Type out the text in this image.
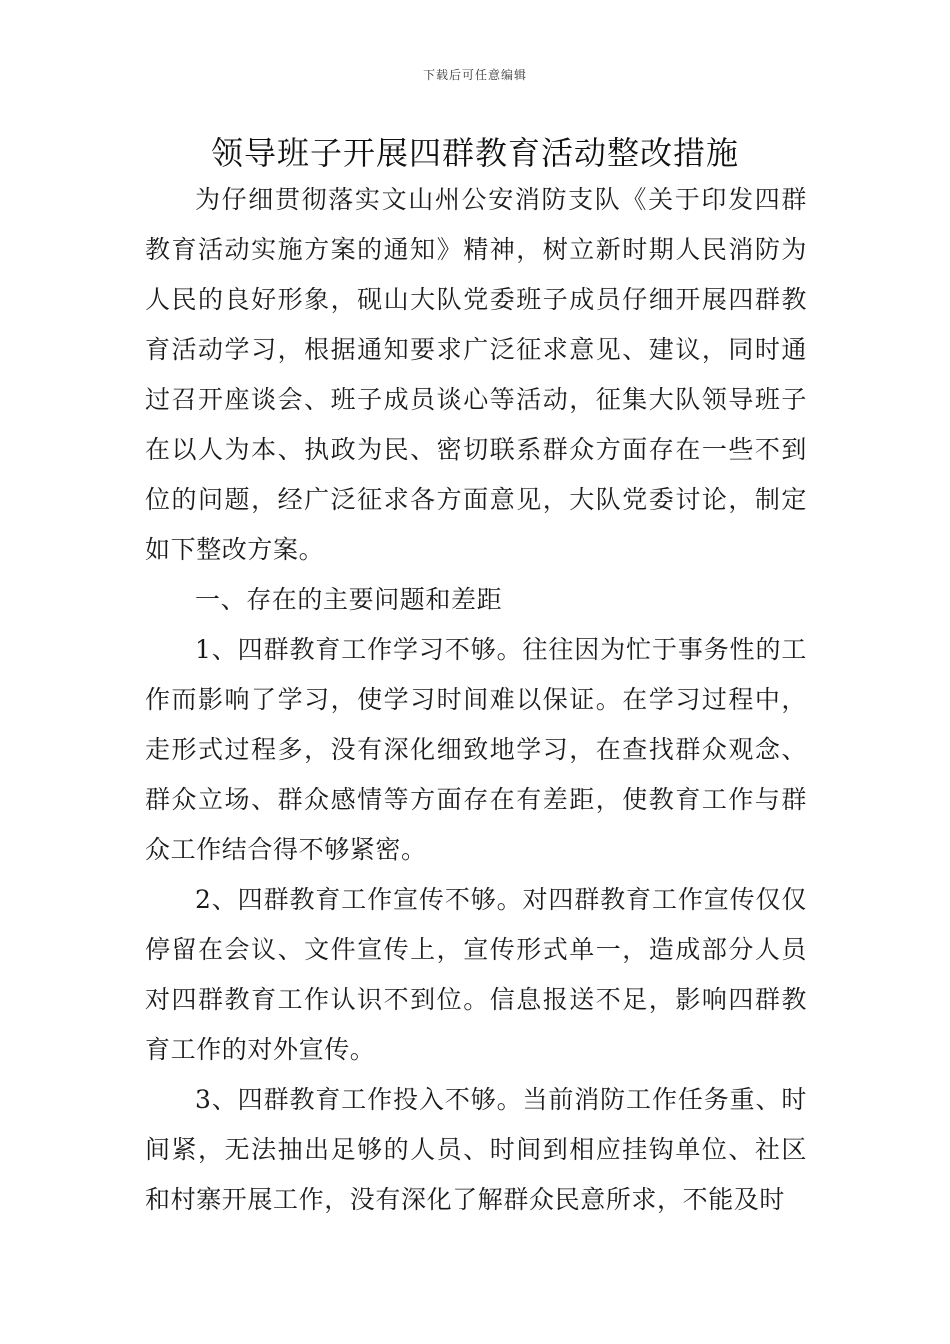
下载后可任意编辑
领导班子开展四群教育活动整改措施

为仔细贯彻落实文山州公安消防支队《关于印发四群教育活动实施方案的通知》精神，树立新时期人民消防为人民的良好形象，砚山大队党委班子成员仔细开展四群教育活动学习，根据通知要求广泛征求意见、建议，同时通过召开座谈会、班子成员谈心等活动，征集大队领导班子在以人为本、执政为民、密切联系群众方面存在一些不到位的问题，经广泛征求各方面意见，大队党委讨论，制定如下整改方案。

一、存在的主要问题和差距

1、四群教育工作学习不够。往往因为忙于事务性的工作而影响了学习，使学习时间难以保证。在学习过程中，走形式过程多，没有深化细致地学习，在查找群众观念、群众立场、群众感情等方面存在有差距，使教育工作与群众工作结合得不够紧密。

2、四群教育工作宣传不够。对四群教育工作宣传仅仅停留在会议、文件宣传上，宣传形式单一，造成部分人员对四群教育工作认识不到位。信息报送不足，影响四群教育工作的对外宣传。

3、四群教育工作投入不够。当前消防工作任务重、时间紧，无法抽出足够的人员、时间到相应挂钩单位、社区和村寨开展工作，没有深化了解群众民意所求，不能及时
